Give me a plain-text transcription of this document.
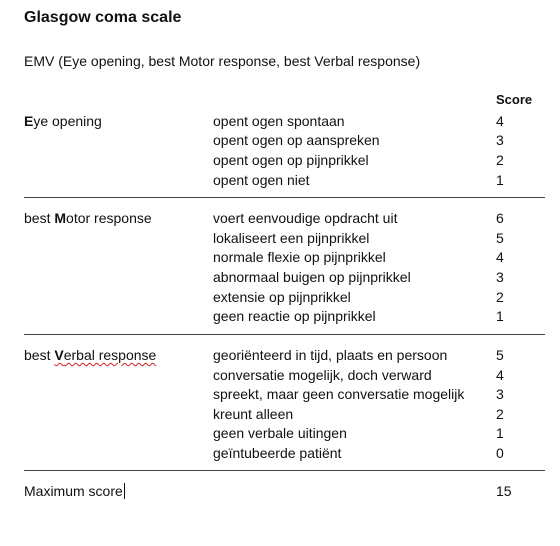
Glasgow coma scale
EMV (Eye opening, best Motor response, best Verbal response)
Score
Eye opening	opent ogen spontaan	4
opent ogen op aanspreken	3
opent ogen op pijnprikkel	2
opent ogen niet	1
best Motor response	voert eenvoudige opdracht uit	6
lokaliseert een pijnprikkel	5
normale flexie op pijnprikkel	4
abnormaal buigen op pijnprikkel	3
extensie op pijnprikkel	2
geen reactie op pijnprikkel	1
best Verbal response	georiënteerd in tijd, plaats en persoon	5
conversatie mogelijk, doch verward	4
spreekt, maar geen conversatie mogelijk 3
kreunt alleen	2
geen verbale uitingen	1
geïntubeerde patiënt	0
Maximum score	15
